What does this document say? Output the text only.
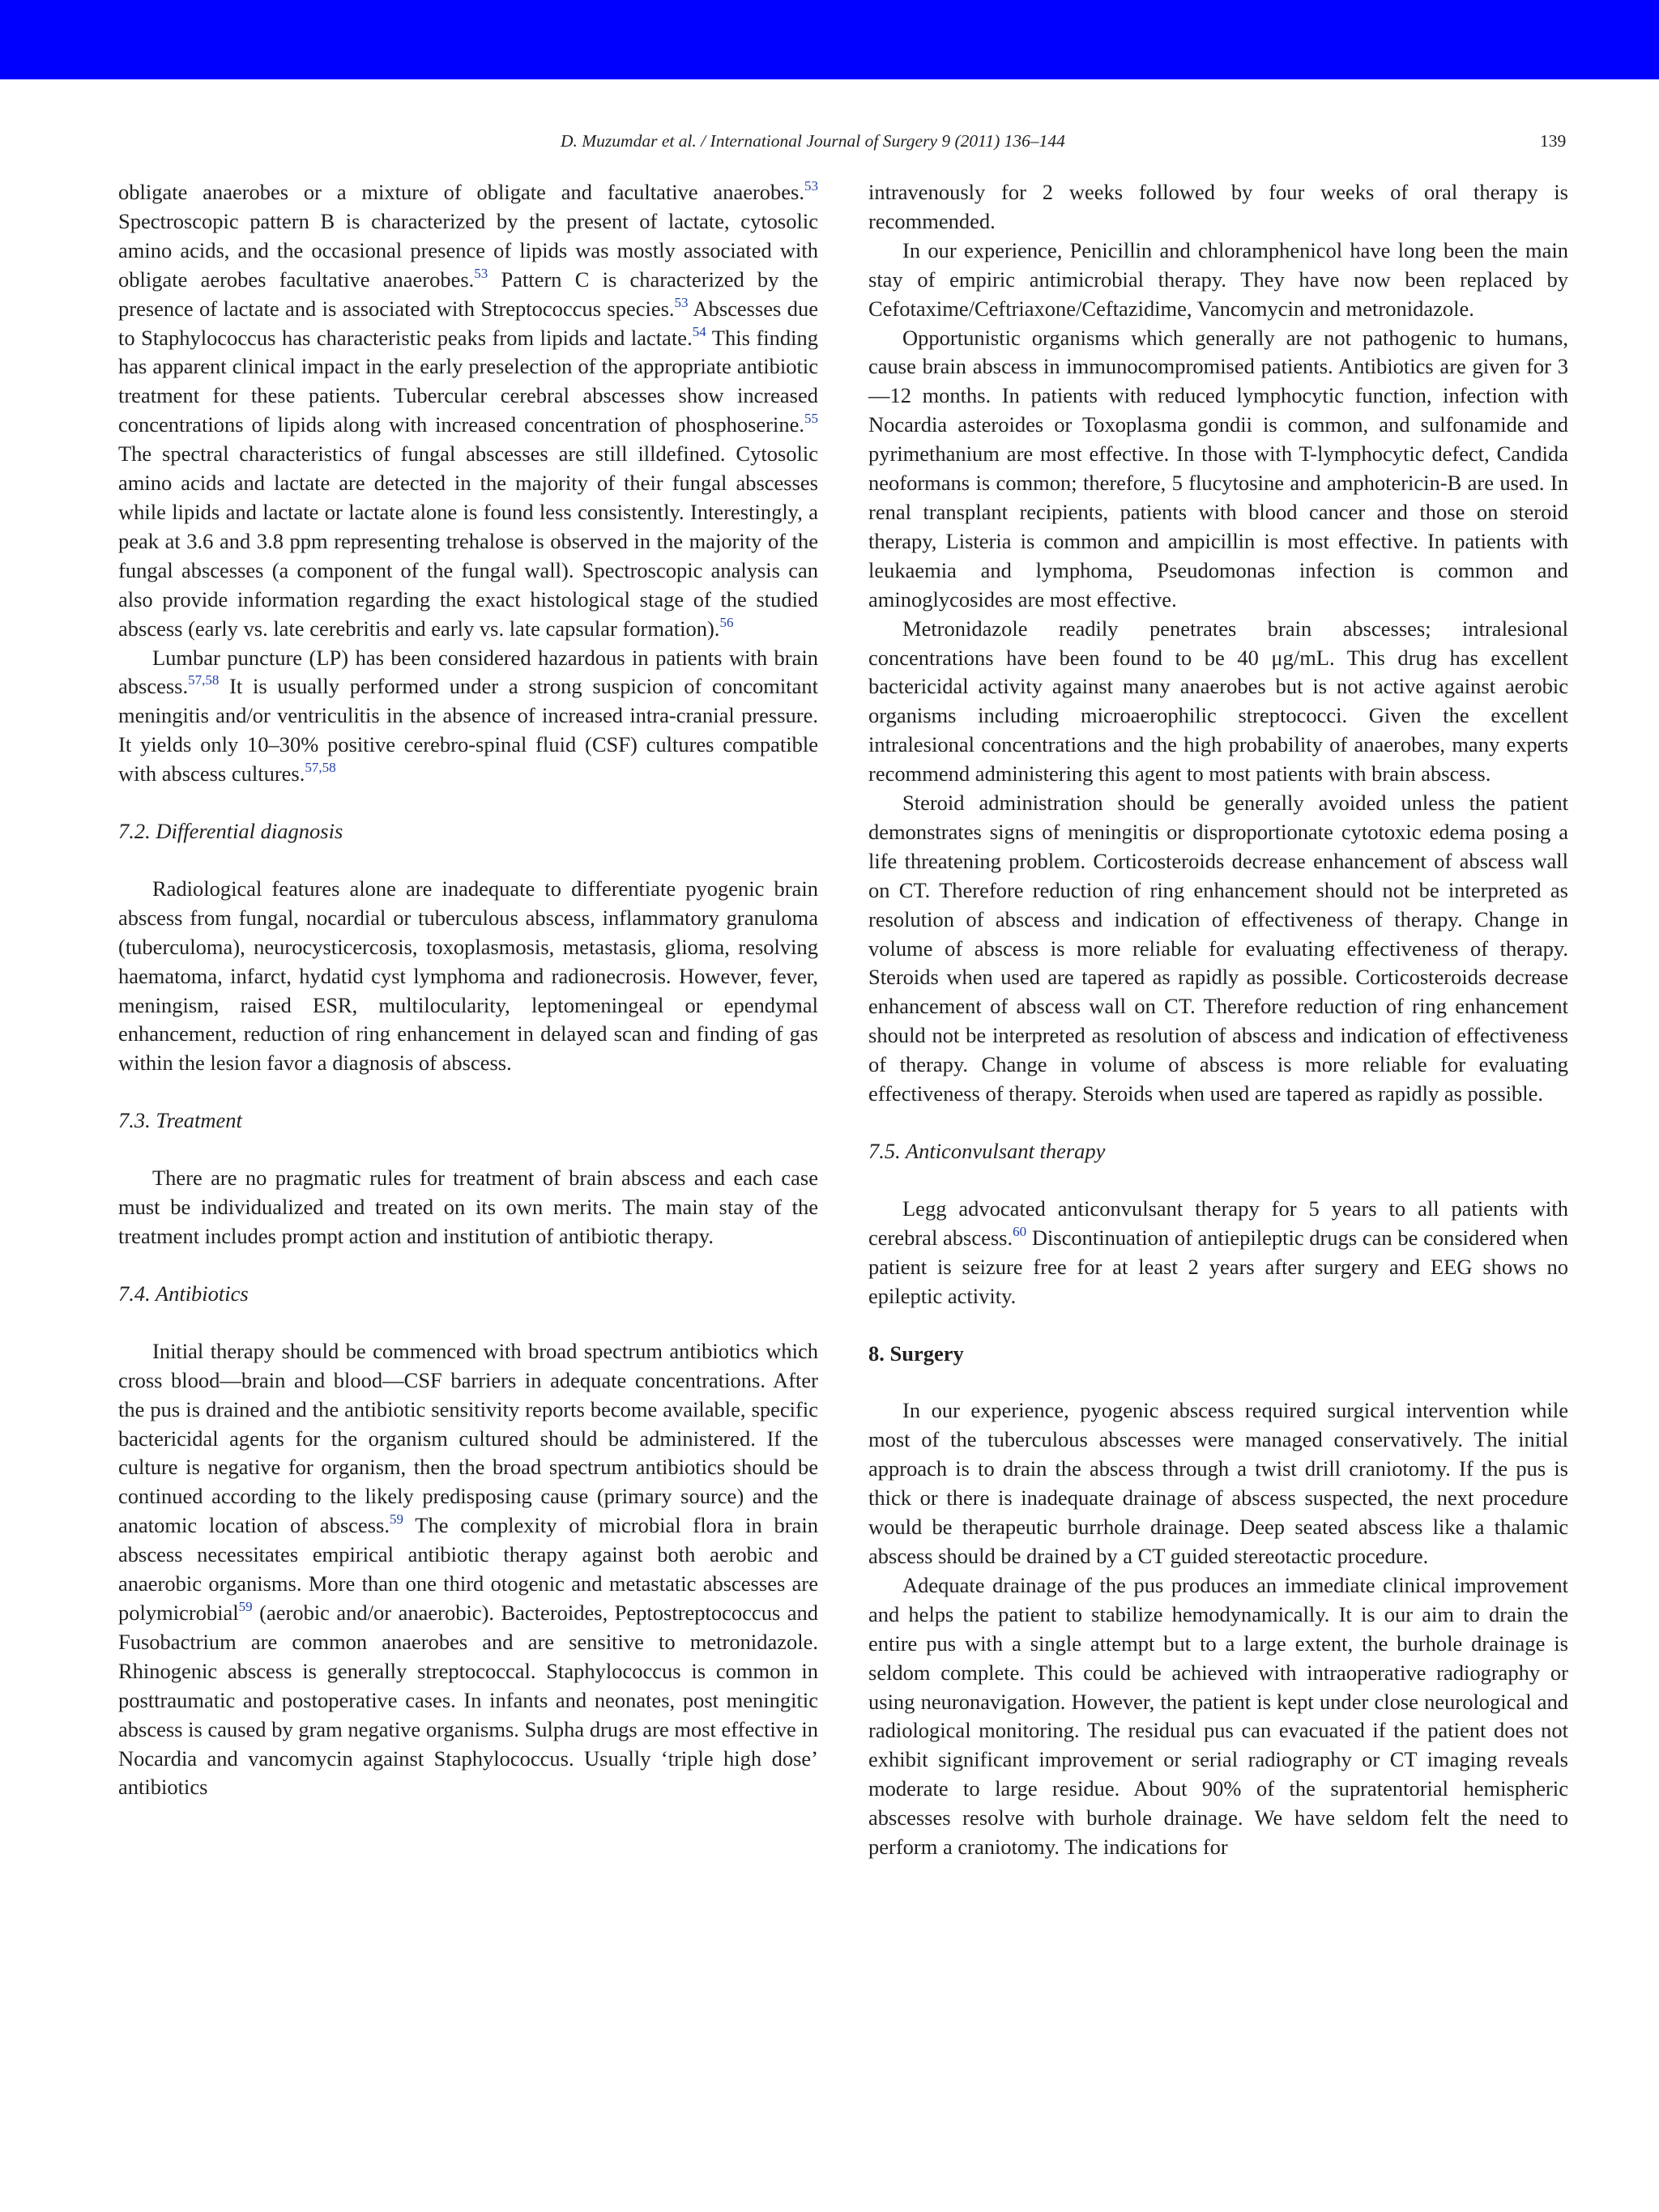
D. Muzumdar et al. / International Journal of Surgery 9 (2011) 136–144	139

obligate anaerobes or a mixture of obligate and facultative anaerobes.$^{53}$ Spectroscopic pattern B is characterized by the present of lactate, cytosolic amino acids, and the occasional presence of lipids was mostly associated with obligate aerobes facultative anaerobes.$^{53}$ Pattern C is characterized by the presence of lactate and is associated with Streptococcus species.$^{53}$ Abscesses due to Staphylococcus has characteristic peaks from lipids and lactate.$^{54}$ This finding has apparent clinical impact in the early preselection of the appropriate antibiotic treatment for these patients. Tubercular cerebral abscesses show increased concentrations of lipids along with increased concentration of phosphoserine.$^{55}$ The spectral characteristics of fungal abscesses are still illdefined. Cytosolic amino acids and lactate are detected in the majority of their fungal abscesses while lipids and lactate or lactate alone is found less consistently. Interestingly, a peak at 3.6 and 3.8 ppm representing trehalose is observed in the majority of the fungal abscesses (a component of the fungal wall). Spectroscopic analysis can also provide information regarding the exact histological stage of the studied abscess (early vs. late cerebritis and early vs. late capsular formation).$^{56}$

Lumbar puncture (LP) has been considered hazardous in patients with brain abscess.$^{57,58}$ It is usually performed under a strong suspicion of concomitant meningitis and/or ventriculitis in the absence of increased intra-cranial pressure. It yields only 10–30% positive cerebro-spinal fluid (CSF) cultures compatible with abscess cultures.$^{57,58}$

7.2. Differential diagnosis

Radiological features alone are inadequate to differentiate pyogenic brain abscess from fungal, nocardial or tuberculous abscess, inflammatory granuloma (tuberculoma), neurocysticercosis, toxoplasmosis, metastasis, glioma, resolving haematoma, infarct, hydatid cyst lymphoma and radionecrosis. However, fever, meningism, raised ESR, multilocularity, leptomeningeal or ependymal enhancement, reduction of ring enhancement in delayed scan and finding of gas within the lesion favor a diagnosis of abscess.

7.3. Treatment

There are no pragmatic rules for treatment of brain abscess and each case must be individualized and treated on its own merits. The main stay of the treatment includes prompt action and institution of antibiotic therapy.

7.4. Antibiotics

Initial therapy should be commenced with broad spectrum antibiotics which cross blood—brain and blood—CSF barriers in adequate concentrations. After the pus is drained and the antibiotic sensitivity reports become available, specific bactericidal agents for the organism cultured should be administered. If the culture is negative for organism, then the broad spectrum antibiotics should be continued according to the likely predisposing cause (primary source) and the anatomic location of abscess.$^{59}$ The complexity of microbial flora in brain abscess necessitates empirical antibiotic therapy against both aerobic and anaerobic organisms. More than one third otogenic and metastatic abscesses are polymicrobial$^{59}$ (aerobic and/or anaerobic). Bacteroides, Peptostreptococcus and Fusobactrium are common anaerobes and are sensitive to metronidazole. Rhinogenic abscess is generally streptococcal. Staphylococcus is common in posttraumatic and postoperative cases. In infants and neonates, post meningitic abscess is caused by gram negative organisms. Sulpha drugs are most effective in Nocardia and vancomycin against Staphylococcus. Usually ‘triple high dose’ antibiotics

intravenously for 2 weeks followed by four weeks of oral therapy is recommended.

In our experience, Penicillin and chloramphenicol have long been the main stay of empiric antimicrobial therapy. They have now been replaced by Cefotaxime/Ceftriaxone/Ceftazidime, Vancomycin and metronidazole.

Opportunistic organisms which generally are not pathogenic to humans, cause brain abscess in immunocompromised patients. Antibiotics are given for 3—12 months. In patients with reduced lymphocytic function, infection with Nocardia asteroides or Toxoplasma gondii is common, and sulfonamide and pyrimethanium are most effective. In those with T-lymphocytic defect, Candida neoformans is common; therefore, 5 flucytosine and amphotericin-B are used. In renal transplant recipients, patients with blood cancer and those on steroid therapy, Listeria is common and ampicillin is most effective. In patients with leukaemia and lymphoma, Pseudomonas infection is common and aminoglycosides are most effective.

Metronidazole readily penetrates brain abscesses; intralesional concentrations have been found to be 40 μg/mL. This drug has excellent bactericidal activity against many anaerobes but is not active against aerobic organisms including microaerophilic streptococci. Given the excellent intralesional concentrations and the high probability of anaerobes, many experts recommend administering this agent to most patients with brain abscess.

Steroid administration should be generally avoided unless the patient demonstrates signs of meningitis or disproportionate cytotoxic edema posing a life threatening problem. Corticosteroids decrease enhancement of abscess wall on CT. Therefore reduction of ring enhancement should not be interpreted as resolution of abscess and indication of effectiveness of therapy. Change in volume of abscess is more reliable for evaluating effectiveness of therapy. Steroids when used are tapered as rapidly as possible. Corticosteroids decrease enhancement of abscess wall on CT. Therefore reduction of ring enhancement should not be interpreted as resolution of abscess and indication of effectiveness of therapy. Change in volume of abscess is more reliable for evaluating effectiveness of therapy. Steroids when used are tapered as rapidly as possible.

7.5. Anticonvulsant therapy

Legg advocated anticonvulsant therapy for 5 years to all patients with cerebral abscess.$^{60}$ Discontinuation of antiepileptic drugs can be considered when patient is seizure free for at least 2 years after surgery and EEG shows no epileptic activity.

8. Surgery

In our experience, pyogenic abscess required surgical intervention while most of the tuberculous abscesses were managed conservatively. The initial approach is to drain the abscess through a twist drill craniotomy. If the pus is thick or there is inadequate drainage of abscess suspected, the next procedure would be therapeutic burrhole drainage. Deep seated abscess like a thalamic abscess should be drained by a CT guided stereotactic procedure.

Adequate drainage of the pus produces an immediate clinical improvement and helps the patient to stabilize hemodynamically. It is our aim to drain the entire pus with a single attempt but to a large extent, the burhole drainage is seldom complete. This could be achieved with intraoperative radiography or using neuronavigation. However, the patient is kept under close neurological and radiological monitoring. The residual pus can evacuated if the patient does not exhibit significant improvement or serial radiography or CT imaging reveals moderate to large residue. About 90% of the supratentorial hemispheric abscesses resolve with burhole drainage. We have seldom felt the need to perform a craniotomy. The indications for
